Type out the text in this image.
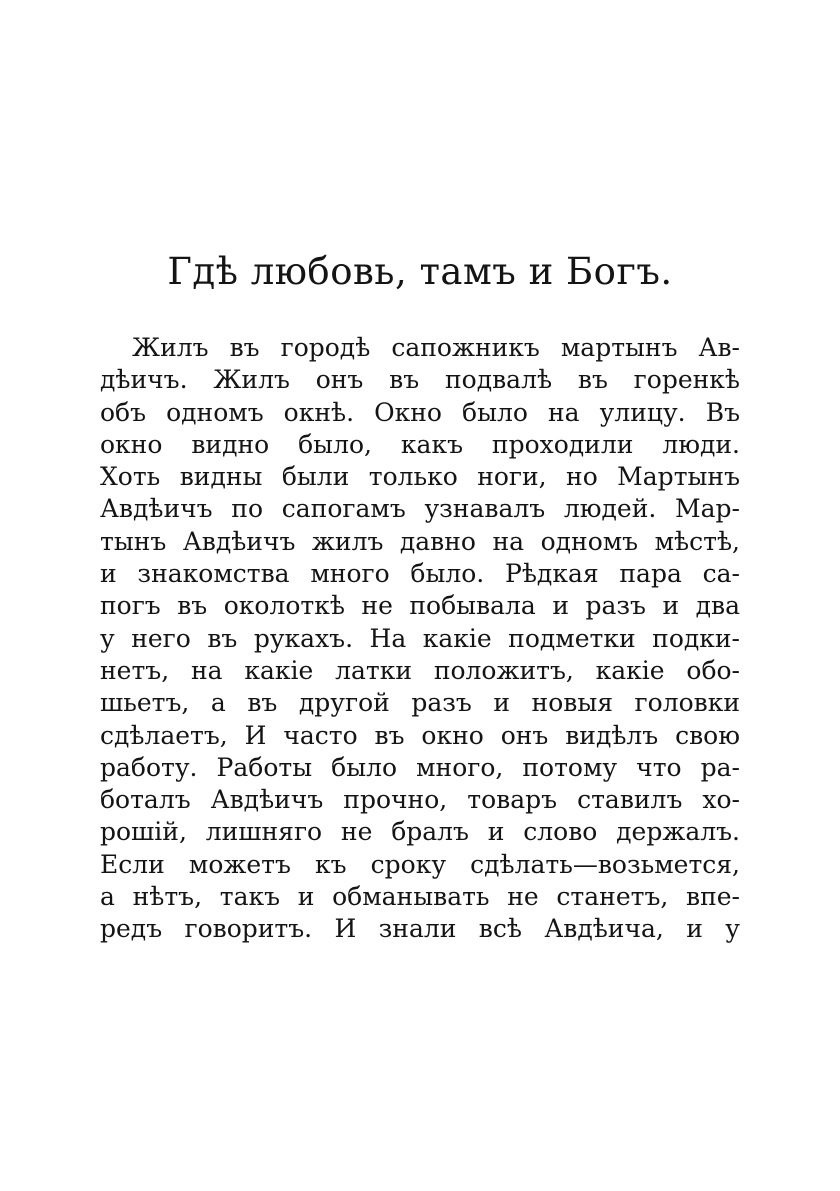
Гдѣ любовь, тамъ и Богъ.
Жилъ въ городѣ сапожникъ мартынъ Ав-
дѣичъ. Жилъ онъ въ подвалѣ въ горенкѣ
объ одномъ окнѣ. Окно было на улицу. Въ
окно видно было, какъ проходили люди.
Хоть видны были только ноги, но Мартынъ
Авдѣичъ по сапогамъ узнавалъ людей. Мар-
тынъ Авдѣичъ жилъ давно на одномъ мѣстѣ,
и знакомства много было. Рѣдкая пара са-
погъ въ околоткѣ не побывала и разъ и два
у него въ рукахъ. На какіе подметки подки-
нетъ, на какіе латки положитъ, какіе обо-
шьетъ, а въ другой разъ и новыя головки
сдѣлаетъ, И часто въ окно онъ видѣлъ свою
работу. Работы было много, потому что ра-
боталъ Авдѣичъ прочно, товаръ ставилъ хо-
рошій, лишняго не бралъ и слово держалъ.
Если можетъ къ сроку сдѣлать—возьмется,
а нѣтъ, такъ и обманывать не станетъ, впе-
редъ говоритъ. И знали всѣ Авдѣича, и у
